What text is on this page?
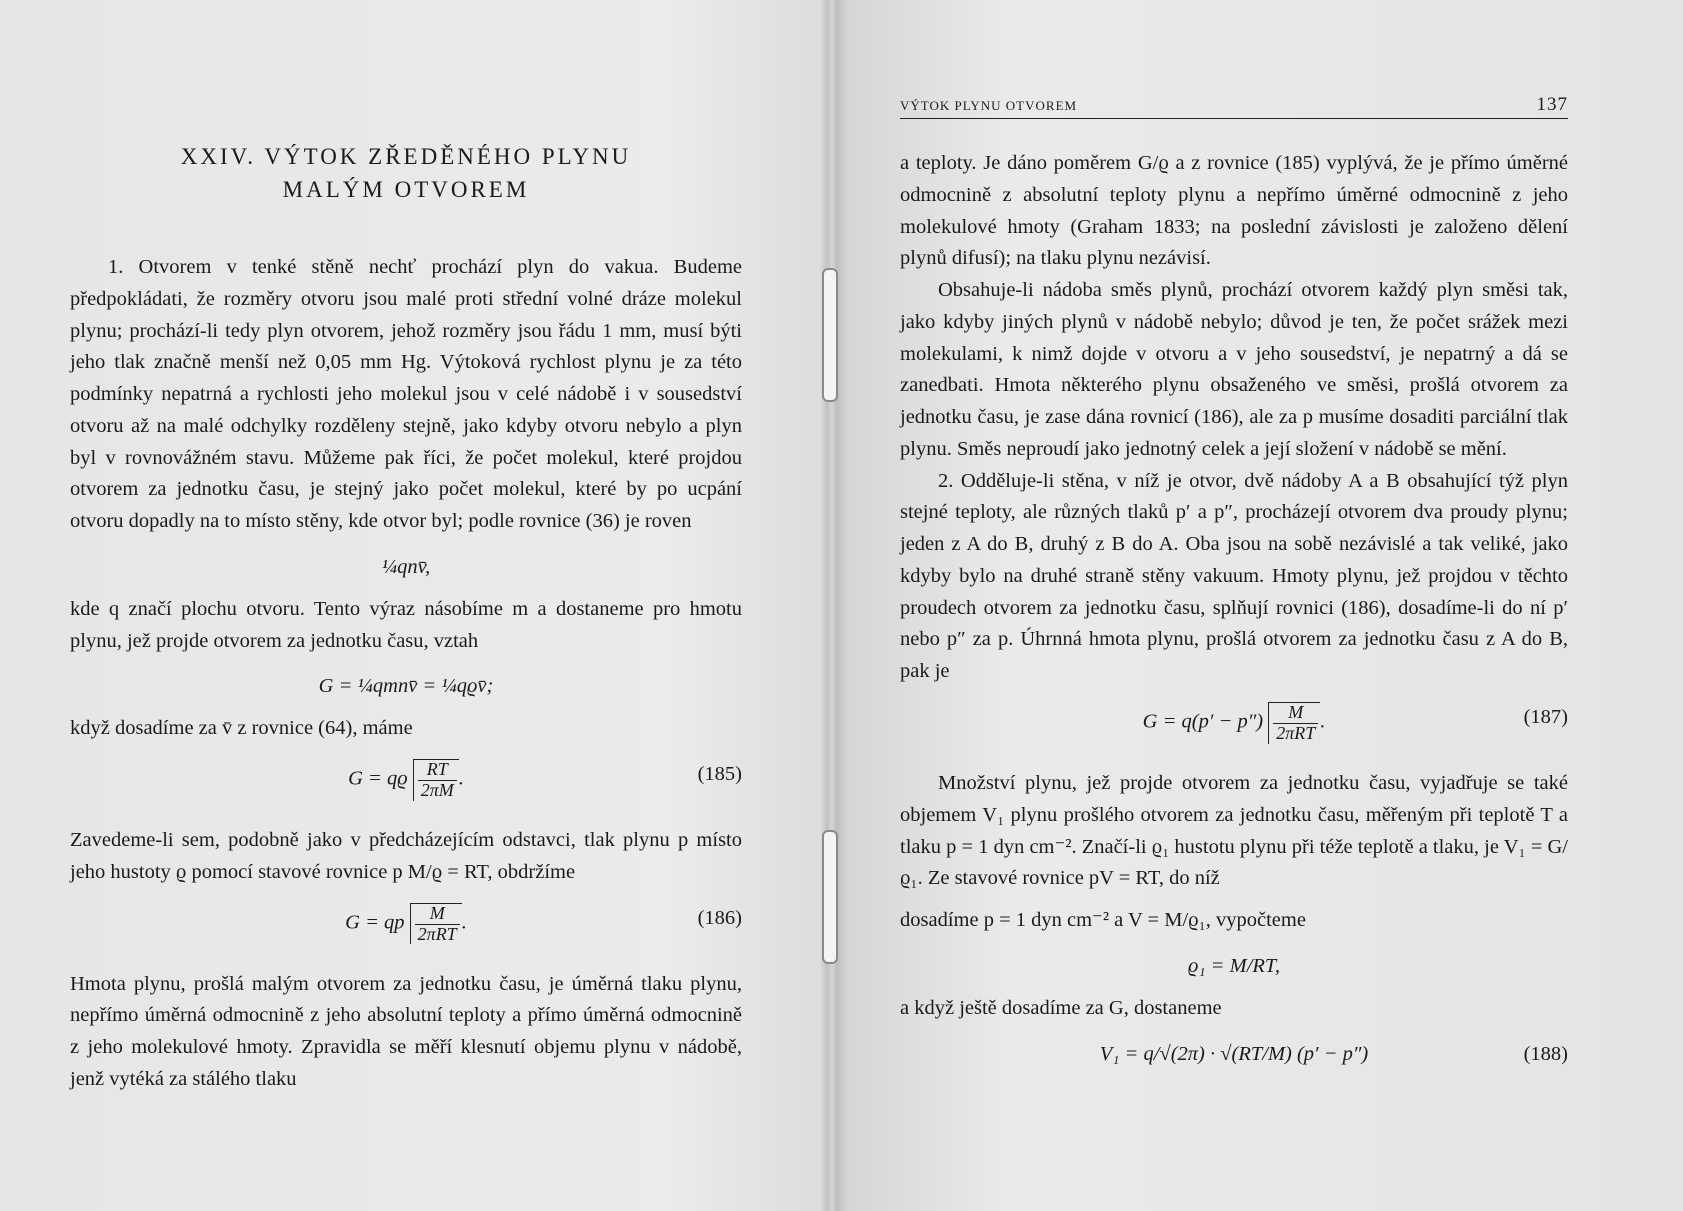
XXIV. VÝTOK ZŘEDĚNÉHO PLYNU
MALÝM OTVOREM

1. Otvorem v tenké stěně nechť prochází plyn do vakua. Budeme předpokládati, že rozměry otvoru jsou malé proti střední volné dráze molekul plynu; prochází-li tedy plyn otvorem, jehož rozměry jsou řádu 1 mm, musí býti jeho tlak značně menší než 0,05 mm Hg. Výtoková rychlost plynu je za této podmínky nepatrná a rychlosti jeho molekul jsou v celé nádobě i v sousedství otvoru až na malé odchylky rozděleny stejně, jako kdyby otvoru nebylo a plyn byl v rovnovážném stavu. Můžeme pak říci, že počet molekul, které projdou otvorem za jednotku času, je stejný jako počet molekul, které by po ucpání otvoru dopadly na to místo stěny, kde otvor byl; podle rovnice (36) je roven

¼qnv̄,

kde q značí plochu otvoru. Tento výraz násobíme m a dostaneme pro hmotu plynu, jež projde otvorem za jednotku času, vztah

G = ¼qmnv̄ = ¼qϱv̄;

když dosadíme za v̄ z rovnice (64), máme

G = qϱ $\frac{RT}{2\pi M}$ .	(185)

Zavedeme-li sem, podobně jako v předcházejícím odstavci, tlak plynu p místo jeho hustoty ϱ pomocí stavové rovnice p M/ϱ = RT, obdržíme

G = qp $\frac{M}{\text{2πRT}}$ .	(186)

Hmota plynu, prošlá malým otvorem za jednotku času, je úměrná tlaku plynu, nepřímo úměrná odmocnině z jeho absolutní teploty a přímo úměrná odmocnině z jeho molekulové hmoty. Zpravidla se měří klesnutí objemu plynu v nádobě, jenž vytéká za stálého tlaku

VÝTOK PLYNU OTVOREM	137

a teploty. Je dáno poměrem G/ϱ a z rovnice (185) vyplývá, že je přímo úměrné odmocnině z absolutní teploty plynu a nepřímo úměrné odmocnině z jeho molekulové hmoty (Graham 1833; na poslední závislosti je založeno dělení plynů difusí); na tlaku plynu nezávisí.

Obsahuje-li nádoba směs plynů, prochází otvorem každý plyn směsi tak, jako kdyby jiných plynů v nádobě nebylo; důvod je ten, že počet srážek mezi molekulami, k nimž dojde v otvoru a v jeho sousedství, je nepatrný a dá se zanedbati. Hmota některého plynu obsaženého ve směsi, prošlá otvorem za jednotku času, je zase dána rovnicí (186), ale za p musíme dosaditi parciální tlak plynu. Směs neproudí jako jednotný celek a její složení v nádobě se mění.

2. Odděluje-li stěna, v níž je otvor, dvě nádoby A a B obsahující týž plyn stejné teploty, ale různých tlaků p′ a p″, procházejí otvorem dva proudy plynu; jeden z A do B, druhý z B do A. Oba jsou na sobě nezávislé a tak veliké, jako kdyby bylo na druhé straně stěny vakuum. Hmoty plynu, jež projdou v těchto proudech otvorem za jednotku času, splňují rovnici (186), dosadíme-li do ní p′ nebo p″ za p. Úhrnná hmota plynu, prošlá otvorem za jednotku času z A do B, pak je

$G = q(p' - p'') \frac{M}{\text{2πRT}}$ .	(187)

Množství plynu, jež projde otvorem za jednotku času, vyjadřuje se také objemem V₁ plynu prošlého otvorem za jednotku času, měřeným při teplotě T a tlaku p = 1 dyn cm⁻². Značí-li ϱ₁ hustotu plynu při téže teplotě a tlaku, je V₁ = G/ϱ₁. Ze stavové rovnice pV = RT, do níž

dosadíme p = 1 dyn cm⁻² a V = M/ϱ₁, vypočteme

ϱ₁ = M/RT,

a když ještě dosadíme za G, dostaneme

V₁ = q/√(2π) · √(RT/M) (p′ − p″)	(188)
